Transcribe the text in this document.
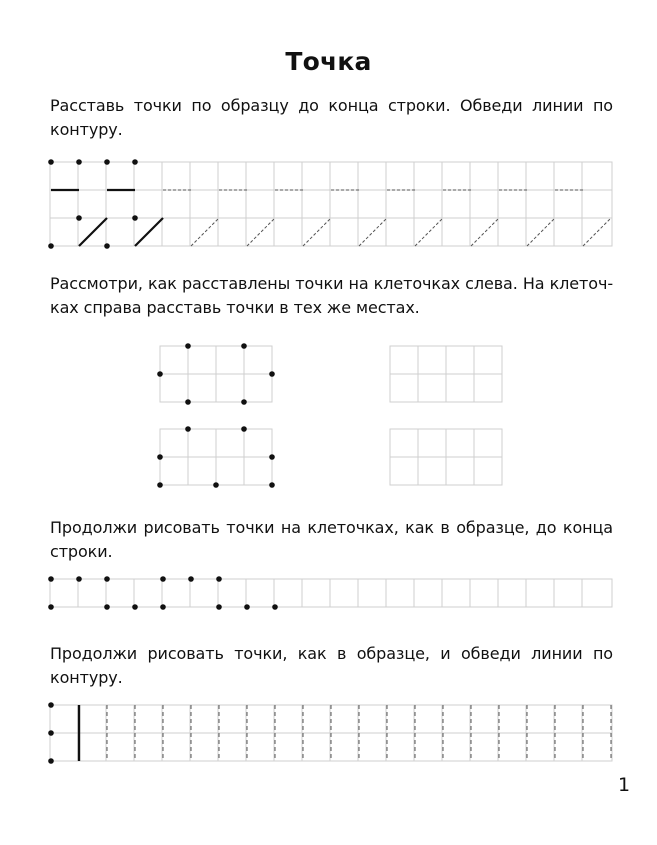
Точка
Расставь точки по образцу до конца строки. Обведи линии по контуру.
Рассмотри, как расставлены точки на клеточках слева. На клеточ-
ках справа расставь точки в тех же местах.
Продолжи рисовать точки на клеточках, как в образце, до конца строки.
Продолжи рисовать точки, как в образце, и обведи линии по контуру.
1
